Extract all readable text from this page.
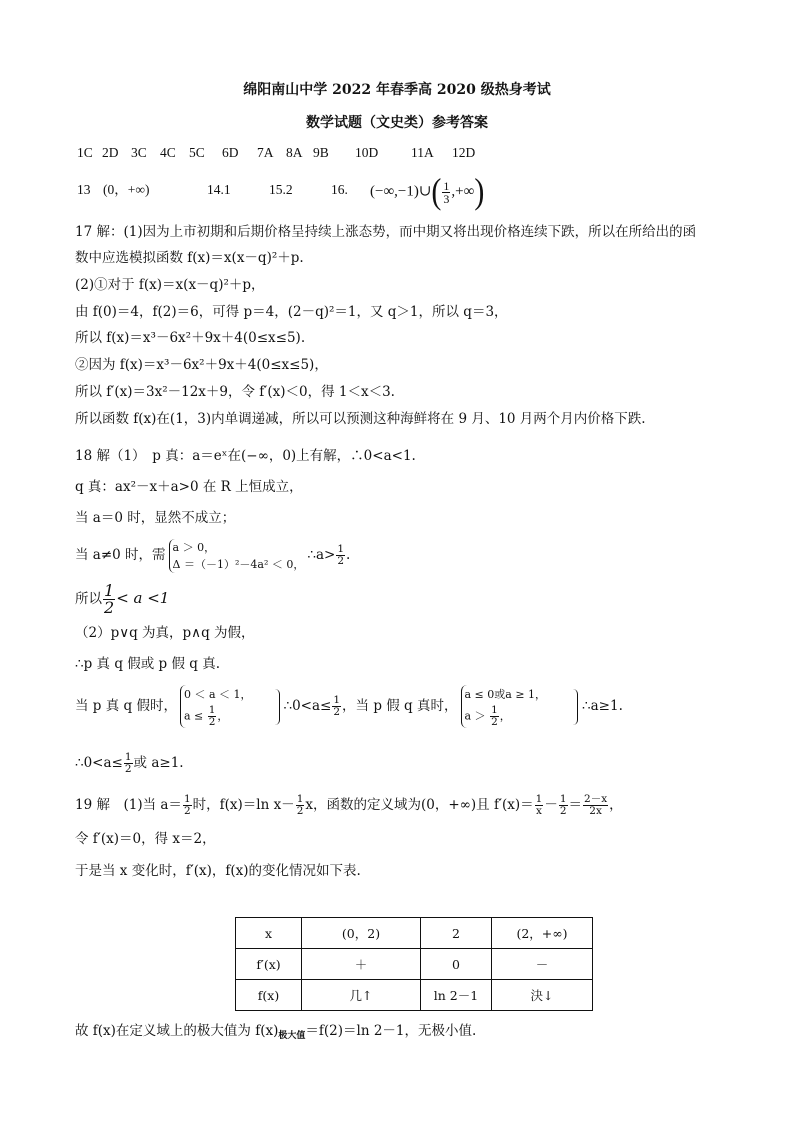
绵阳南山中学 2022 年春季高 2020 级热身考试
数学试题（文史类）参考答案
1C 2D 3C 4C 5C 6D 7A 8A 9B 10D 11A 12D
13 (0，+∞)	14.1	15.2	16. (−∞,−1)∪( $\frac{1}{3}$ ,+∞)
17 解：(1)因为上市初期和后期价格呈持续上涨态势，而中期又将出现价格连续下跌，所以在所给出的函
数中应选模拟函数 f(x)＝x(x－q)²＋p.
(2)①对于 f(x)＝x(x－q)²＋p，
由 f(0)＝4，f(2)＝6，可得 p＝4，(2－q)²＝1，又 q＞1，所以 q＝3，
所以 f(x)＝x³－6x²＋9x＋4(0≤x≤5).
②因为 f(x)＝x³－6x²＋9x＋4(0≤x≤5)，
所以 f′(x)＝3x²－12x＋9，令 f′(x)＜0，得 1＜x＜3.
所以函数 f(x)在(1，3)内单调递减，所以可以预测这种海鲜将在 9 月、10 月两个月内价格下跌.
18 解（1）　p 真：a＝eˣ在(−∞，0)上有解，∴0<a<1.
q 真：ax²－x＋a>0 在 R 上恒成立，
当 a＝0 时，显然不成立；
当 a≠0 时，需 a ＞ 0，
Δ ＝（－1）²－4a² ＜ 0，
∴a> $\frac{1}{2}$ .
所以 $\frac{1}{2} < a <1$
（2）p∨q 为真，p∧q 为假，
∴p 真 q 假或 p 假 q 真.
当 p 真 q 假时，
0 ＜ a ＜ 1，
$a \le \frac{1}{2}$ ，
∴0<a≤ $\frac{1}{2}$ ，当 p 假 q 真时，
a ≤ 0或a ≥ 1，
$a > \frac{1}{2}$ ，
∴a≥1.
∴0<a≤ $\frac{1}{2}$ 或 a≥1.
19 解　(1)当 $a= \frac{1}{2}$ 时，f(x)＝ln $x- \frac{1}{2}$ x，函数的定义域为(0，+∞)且 $f'(x)= \frac{1}{x} - \frac{1}{2} = \frac{2-x}{2x}$ ，
令 f′(x)＝0，得 x＝2，
于是当 x 变化时，f′(x)，f(x)的变化情况如下表.
x	(0，2)	2	(2，+∞)
f′(x)	＋	0	－
f(x)	⼏↑	ln 2－1	決↓
故 f(x)在定义域上的极大值为 $f(x)_{极大值}=f(2)=\ln$ 2－1，无极小值.
